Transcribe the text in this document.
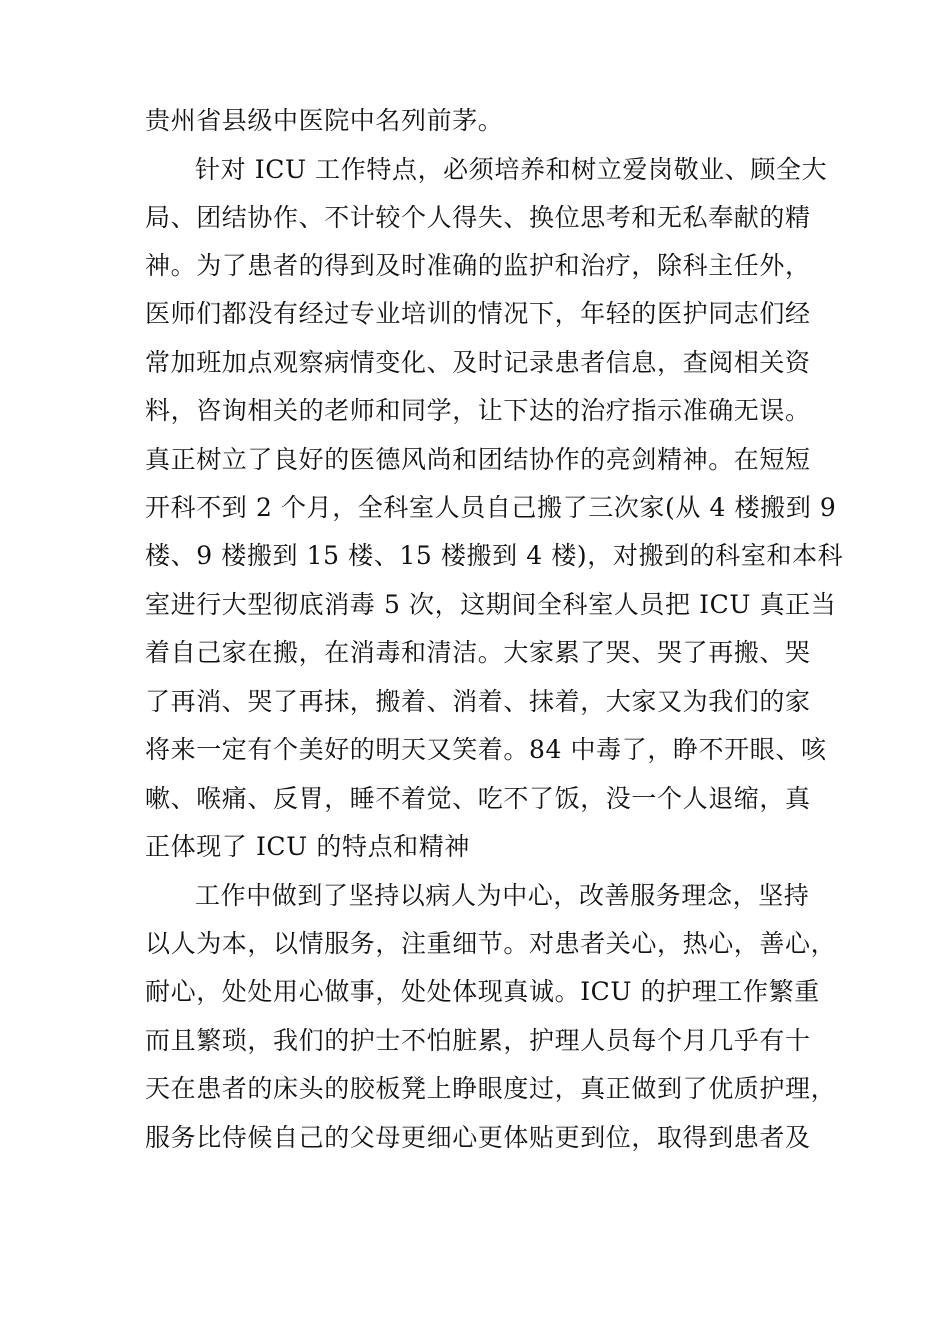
贵州省县级中医院中名列前茅。
针对 ICU 工作特点，必须培养和树立爱岗敬业、顾全大
局、团结协作、不计较个人得失、换位思考和无私奉献的精
神。为了患者的得到及时准确的监护和治疗，除科主任外，
医师们都没有经过专业培训的情况下，年轻的医护同志们经
常加班加点观察病情变化、及时记录患者信息，查阅相关资
料，咨询相关的老师和同学，让下达的治疗指示准确无误。
真正树立了良好的医德风尚和团结协作的亮剑精神。在短短
开科不到 2 个月，全科室人员自己搬了三次家(从 4 楼搬到 9
楼、9 楼搬到 15 楼、15 楼搬到 4 楼)，对搬到的科室和本科
室进行大型彻底消毒 5 次，这期间全科室人员把 ICU 真正当
着自己家在搬，在消毒和清洁。大家累了哭、哭了再搬、哭
了再消、哭了再抹，搬着、消着、抹着，大家又为我们的家
将来一定有个美好的明天又笑着。84 中毒了，睁不开眼、咳
嗽、喉痛、反胃，睡不着觉、吃不了饭，没一个人退缩，真
正体现了 ICU 的特点和精神
工作中做到了坚持以病人为中心，改善服务理念，坚持
以人为本，以情服务，注重细节。对患者关心，热心，善心，
耐心，处处用心做事，处处体现真诚。ICU 的护理工作繁重
而且繁琐，我们的护士不怕脏累，护理人员每个月几乎有十
天在患者的床头的胶板凳上睁眼度过，真正做到了优质护理，
服务比侍候自己的父母更细心更体贴更到位，取得到患者及
